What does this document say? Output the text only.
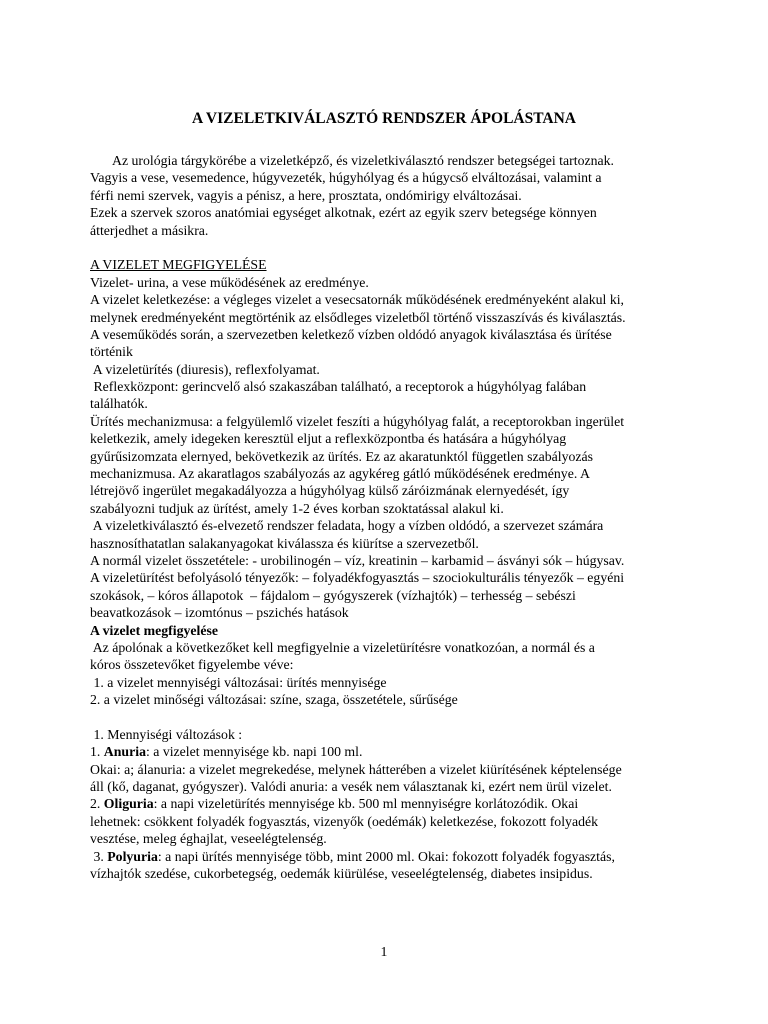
A VIZELETKIVÁLASZTÓ RENDSZER ÁPOLÁSTANA
Az urológia tárgykörébe a vizeletképző, és vizeletkiválasztó rendszer betegségei tartoznak.
Vagyis a vese, vesemedence, húgyvezeték, húgyhólyag és a húgycső elváltozásai, valamint a
férfi nemi szervek, vagyis a pénisz, a here, prosztata, ondómirigy elváltozásai.
Ezek a szervek szoros anatómiai egységet alkotnak, ezért az egyik szerv betegsége könnyen
átterjedhet a másikra.
A VIZELET MEGFIGYELÉSE
Vizelet- urina, a vese működésének az eredménye.
A vizelet keletkezése: a végleges vizelet a vesecsatornák működésének eredményeként alakul ki,
melynek eredményeként megtörténik az elsődleges vizeletből történő visszaszívás és kiválasztás.
A veseműködés során, a szervezetben keletkező vízben oldódó anyagok kiválasztása és ürítése
történik
A vizeletürítés (diuresis), reflexfolyamat.
Reflexközpont: gerincvelő alsó szakaszában található, a receptorok a húgyhólyag falában
találhatók.
Ürítés mechanizmusa: a felgyülemlő vizelet feszíti a húgyhólyag falát, a receptorokban ingerület
keletkezik, amely idegeken keresztül eljut a reflexközpontba és hatására a húgyhólyag
gyűrűsizomzata elernyed, bekövetkezik az ürítés. Ez az akaratunktól független szabályozás
mechanizmusa. Az akaratlagos szabályozás az agykéreg gátló működésének eredménye. A
létrejövő ingerület megakadályozza a húgyhólyag külső záróizmának elernyedését, így
szabályozni tudjuk az ürítést, amely 1-2 éves korban szoktatással alakul ki.
A vizeletkiválasztó és-elvezető rendszer feladata, hogy a vízben oldódó, a szervezet számára
hasznosíthatatlan salakanyagokat kiválassza és kiürítse a szervezetből.
A normál vizelet összetétele: - urobilinogén – víz, kreatinin – karbamid – ásványi sók – húgysav.
A vizeletürítést befolyásoló tényezők: – folyadékfogyasztás – szociokulturális tényezők – egyéni
szokások, – kóros állapotok  – fájdalom – gyógyszerek (vízhajtók) – terhesség – sebészi
beavatkozások – izomtónus – pszichés hatások
A vizelet megfigyelése
Az ápolónak a következőket kell megfigyelnie a vizeletürítésre vonatkozóan, a normál és a
kóros összetevőket figyelembe véve:
1. a vizelet mennyiségi változásai: ürítés mennyisége
2. a vizelet minőségi változásai: színe, szaga, összetétele, sűrűsége
1. Mennyiségi változások :
1. Anuria: a vizelet mennyisége kb. napi 100 ml.
Okai: a; álanuria: a vizelet megrekedése, melynek hátterében a vizelet kiürítésének képtelensége
áll (kő, daganat, gyógyszer). Valódi anuria: a vesék nem választanak ki, ezért nem ürül vizelet.
2. Oliguria: a napi vizeletürítés mennyisége kb. 500 ml mennyiségre korlátozódik. Okai
lehetnek: csökkent folyadék fogyasztás, vizenyők (oedémák) keletkezése, fokozott folyadék
vesztése, meleg éghajlat, veseelégtelenség.
3. Polyuria: a napi ürítés mennyisége több, mint 2000 ml. Okai: fokozott folyadék fogyasztás,
vízhajtók szedése, cukorbetegség, oedemák kiürülése, veseelégtelenség, diabetes insipidus.
1
